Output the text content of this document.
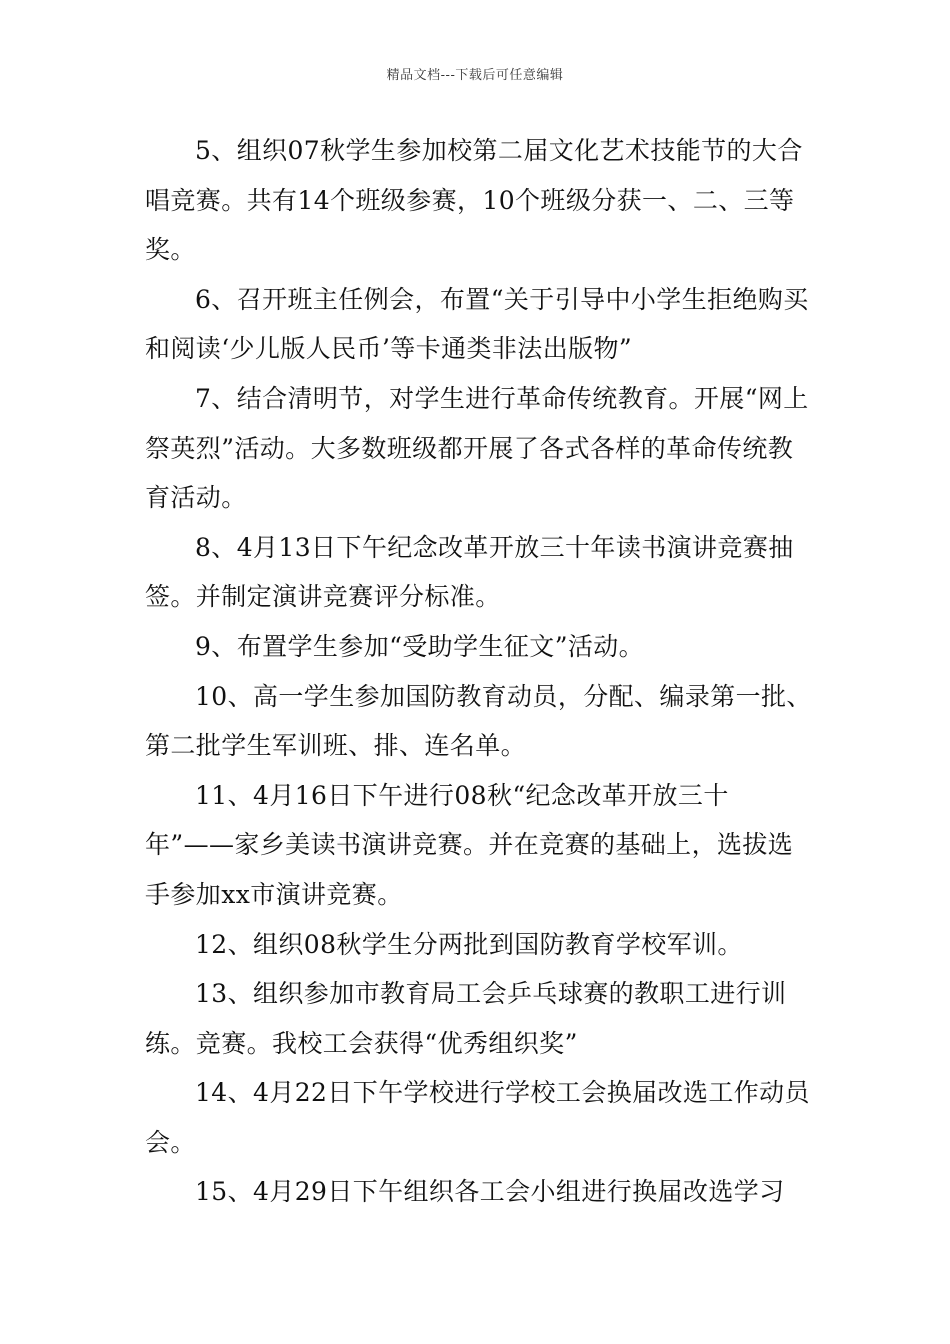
精品文档---下载后可任意编辑

5、组织07秋学生参加校第二届文化艺术技能节的大合唱竞赛。共有14个班级参赛，10个班级分获一、二、三等奖。

6、召开班主任例会，布置“关于引导中小学生拒绝购买和阅读‘少儿版人民币’等卡通类非法出版物”

7、结合清明节，对学生进行革命传统教育。开展“网上祭英烈”活动。大多数班级都开展了各式各样的革命传统教育活动。

8、4月13日下午纪念改革开放三十年读书演讲竞赛抽签。并制定演讲竞赛评分标准。

9、布置学生参加“受助学生征文”活动。

10、高一学生参加国防教育动员，分配、编录第一批、第二批学生军训班、排、连名单。

11、4月16日下午进行08秋“纪念改革开放三十年”——家乡美读书演讲竞赛。并在竞赛的基础上，选拔选手参加xx市演讲竞赛。

12、组织08秋学生分两批到国防教育学校军训。

13、组织参加市教育局工会乒乓球赛的教职工进行训练。竞赛。我校工会获得“优秀组织奖”

14、4月22日下午学校进行学校工会换届改选工作动员会。

15、4月29日下午组织各工会小组进行换届改选学习
